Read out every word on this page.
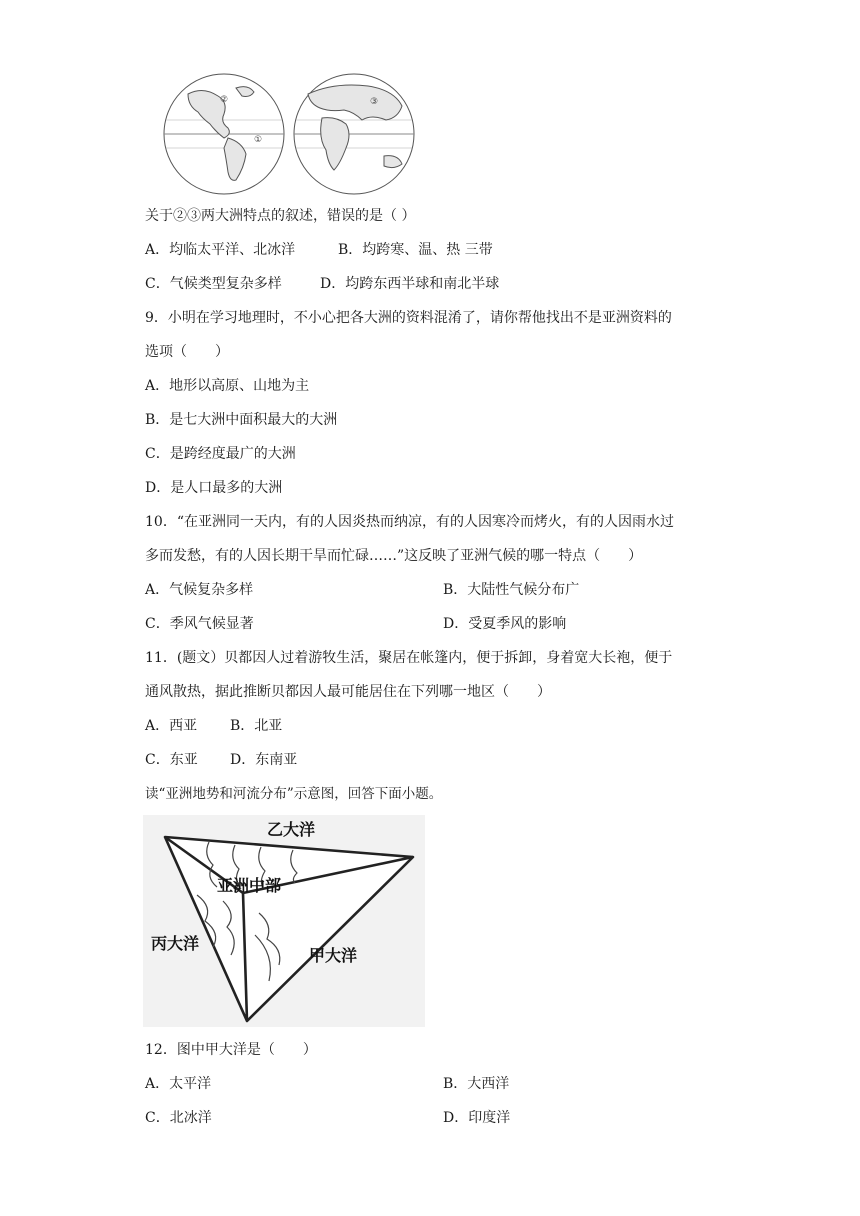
②
①
③
关于②③两大洲特点的叙述，错误的是（ ）
A．均临太平洋、北冰洋	B．均跨寒、温、热 三带
C．气候类型复杂多样	D．均跨东西半球和南北半球
9．小明在学习地理时，不小心把各大洲的资料混淆了，请你帮他找出不是亚洲资料的
选项（　　）
A．地形以高原、山地为主
B．是七大洲中面积最大的大洲
C．是跨经度最广的大洲
D．是人口最多的大洲
10．“在亚洲同一天内，有的人因炎热而纳凉，有的人因寒冷而烤火，有的人因雨水过
多而发愁，有的人因长期干旱而忙碌……”这反映了亚洲气候的哪一特点（　　）
A．气候复杂多样	B．大陆性气候分布广
C．季风气候显著	D．受夏季风的影响
11．(题文）贝都因人过着游牧生活，聚居在帐篷内，便于拆卸，身着宽大长袍，便于
通风散热，据此推断贝都因人最可能居住在下列哪一地区（　　）
A．西亚 B．北亚
C．东亚 D．东南亚
读“亚洲地势和河流分布”示意图，回答下面小题。
乙大洋
亚洲中部
丙大洋
甲大洋
12．图中甲大洋是（　　）
A．太平洋	B．大西洋
C．北冰洋	D．印度洋
